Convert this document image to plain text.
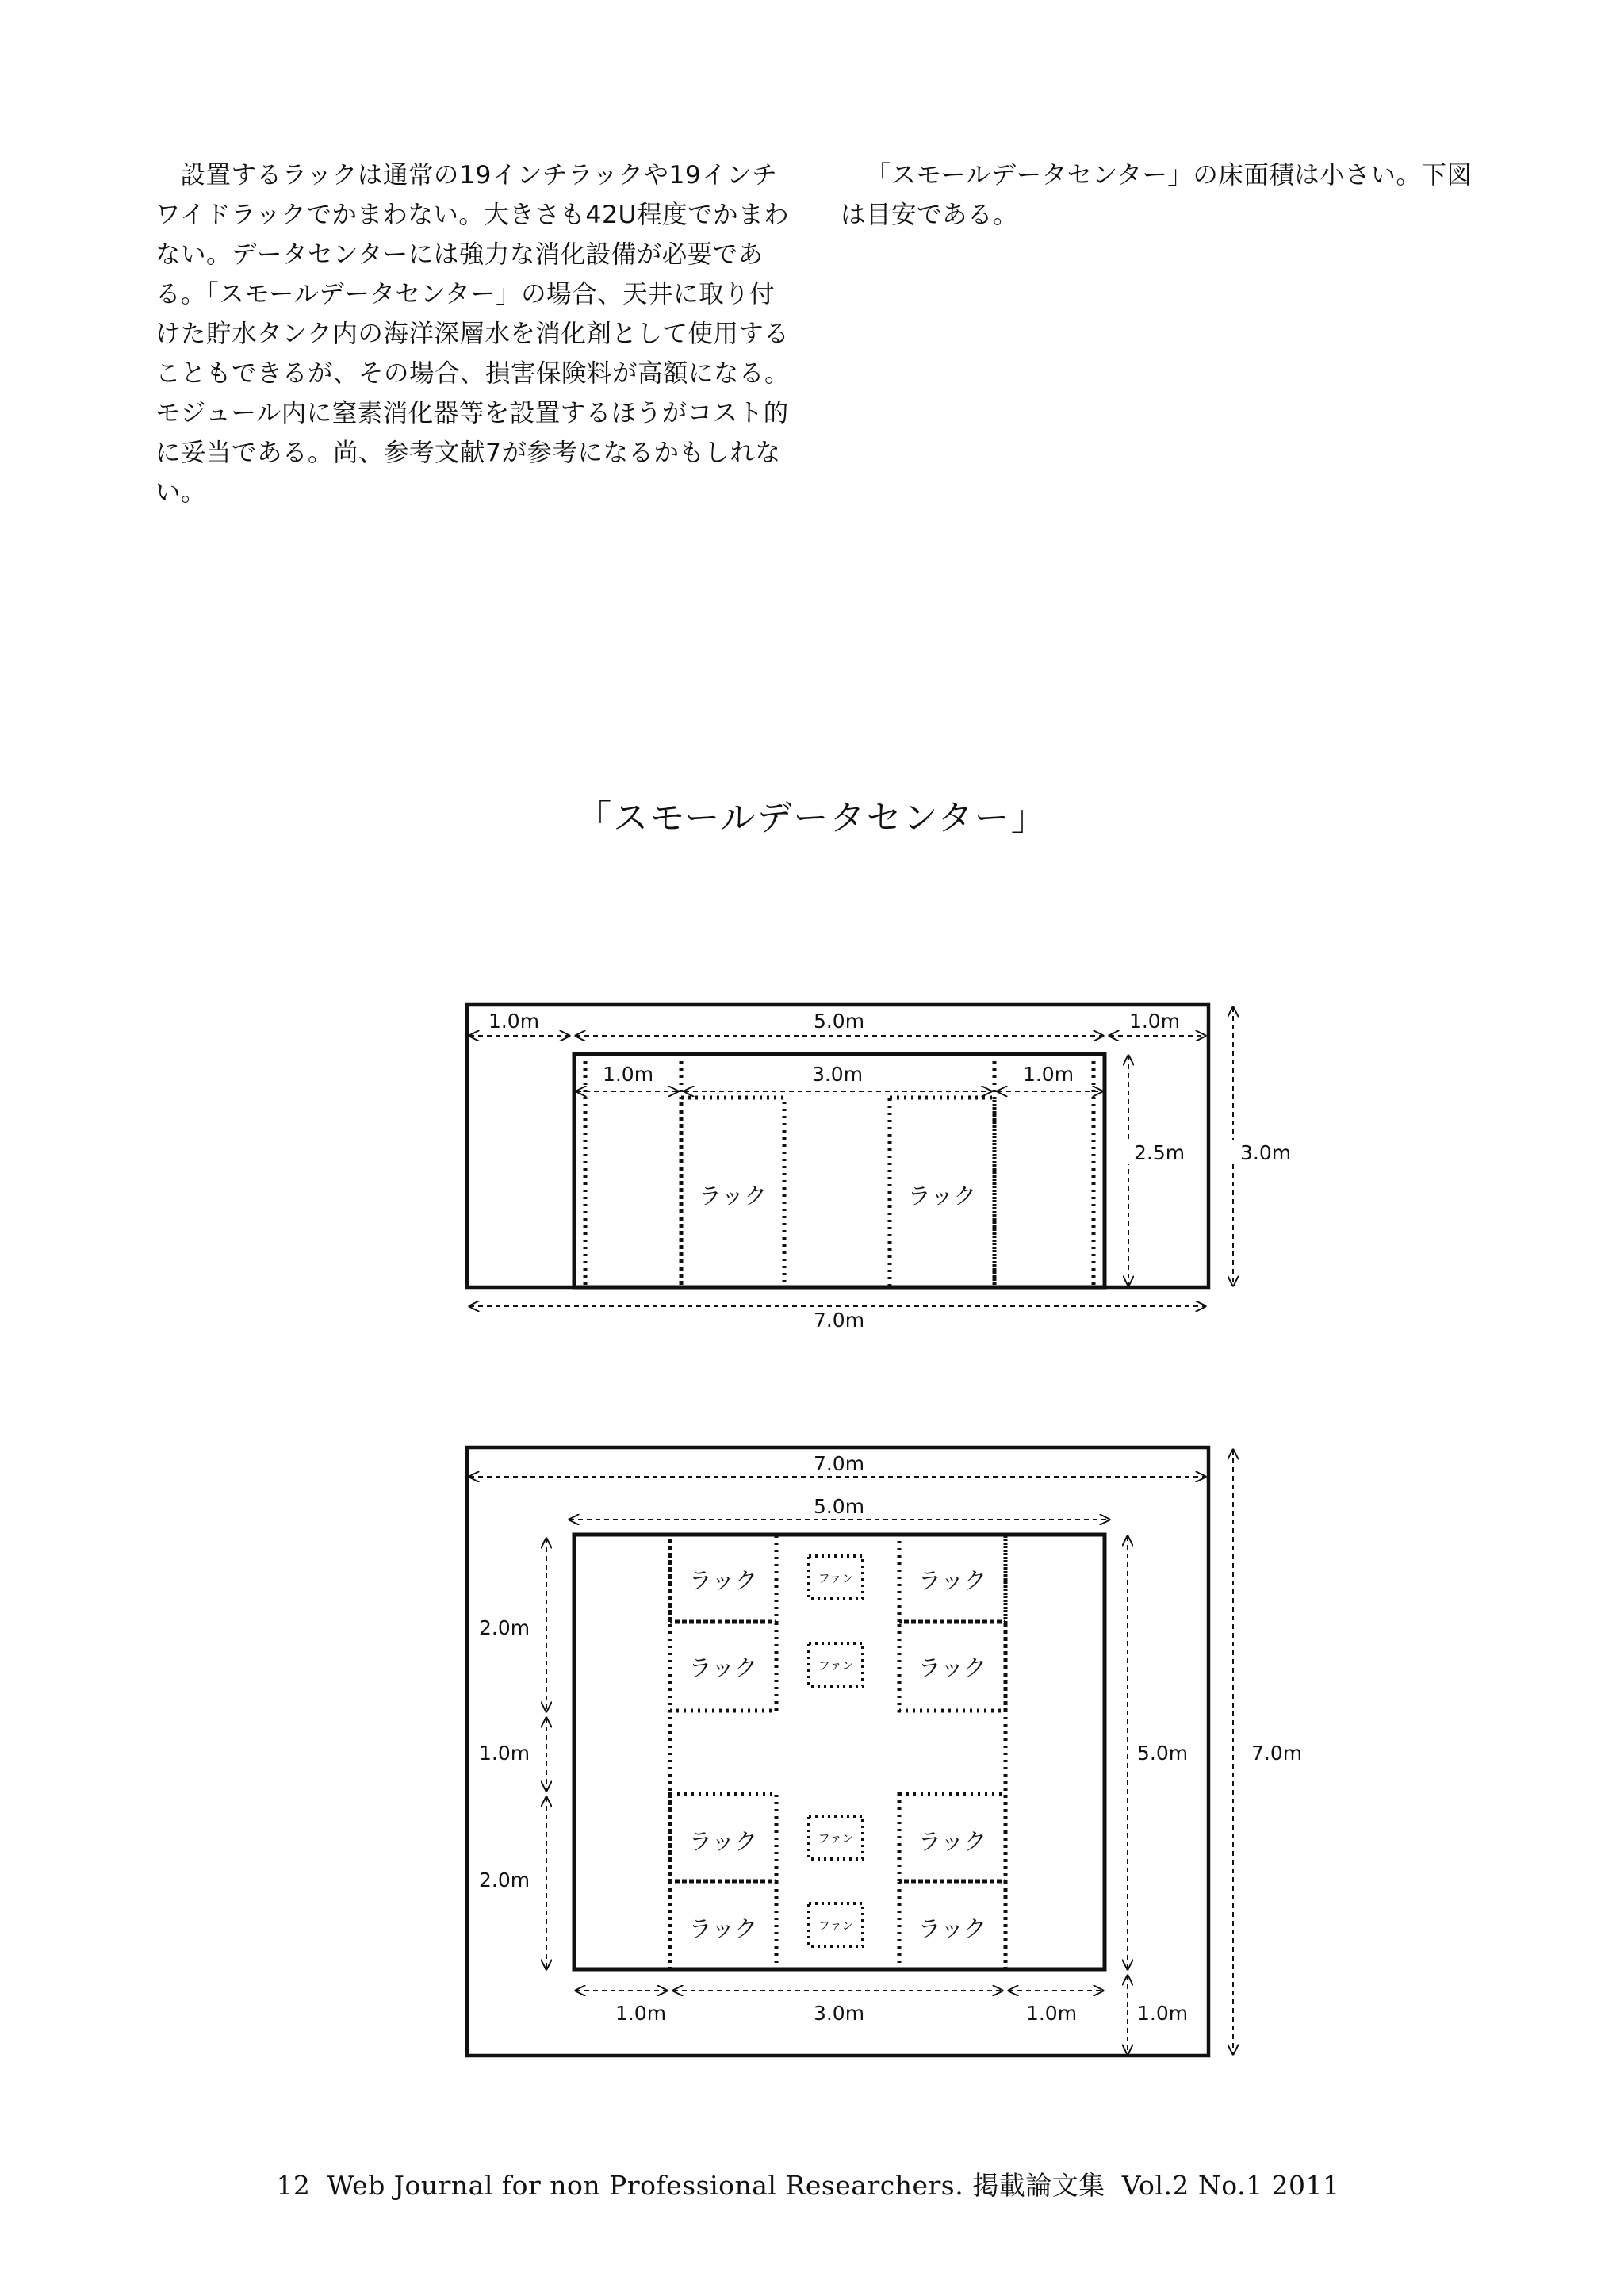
設置するラックは通常の19インチラックや19インチワイドラックでかまわない。大きさも42U程度でかまわない。データセンターには強力な消化設備が必要である。「スモールデータセンター」の場合、天井に取り付けた貯水タンク内の海洋深層水を消化剤として使用することもできるが、その場合、損害保険料が高額になる。モジュール内に窒素消化器等を設置するほうがコスト的に妥当である。尚、参考文献7が参考になるかもしれない。

「スモールデータセンター」の床面積は小さい。下図は目安である。

「スモールデータセンター」
ラック	ラック
1.0m	5.0m	1.0m
1.0m	3.0m	1.0m
2.5m	3.0m
7.0m
ラック	ラック
ラック	ラック
ラック	ラック
ラック	ラック
ファン
ファン
ファン
ファン
7.0m
5.0m
2.0m
1.0m
2.0m
5.0m	7.0m
1.0m	3.0m	1.0m	1.0m
12 Web Journal for non Professional Researchers. 掲載論文集 Vol.2 No.1 2011
